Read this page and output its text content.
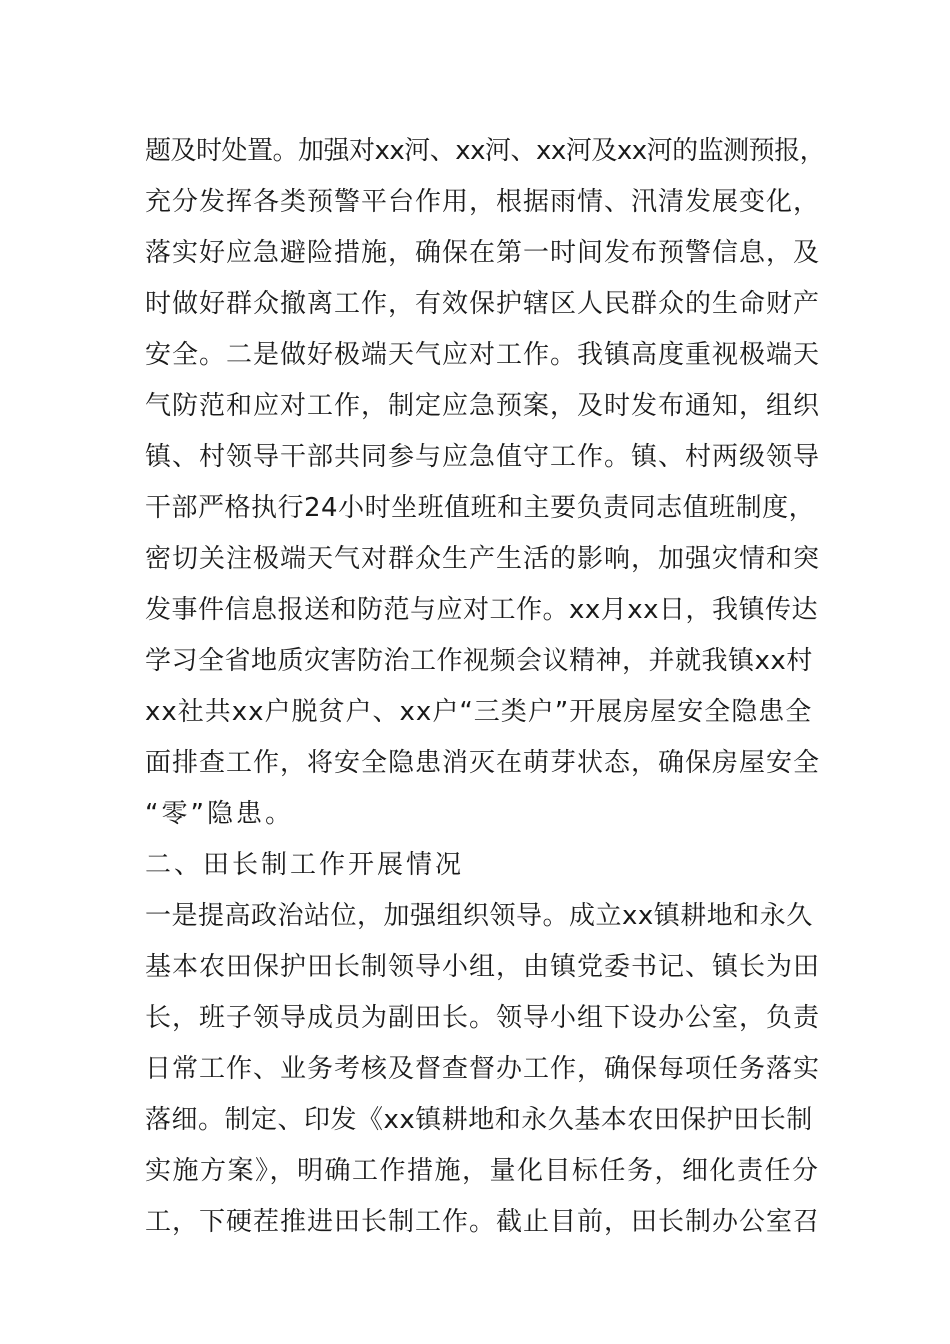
题及时处置。加强对xx河、xx河、xx河及xx河的监测预报，
充分发挥各类预警平台作用，根据雨情、汛清发展变化，
落实好应急避险措施，确保在第一时间发布预警信息，及
时做好群众撤离工作，有效保护辖区人民群众的生命财产
安全。二是做好极端天气应对工作。我镇高度重视极端天
气防范和应对工作，制定应急预案，及时发布通知，组织
镇、村领导干部共同参与应急值守工作。镇、村两级领导
干部严格执行24小时坐班值班和主要负责同志值班制度，
密切关注极端天气对群众生产生活的影响，加强灾情和突
发事件信息报送和防范与应对工作。xx月xx日，我镇传达
学习全省地质灾害防治工作视频会议精神，并就我镇xx村
xx社共xx户脱贫户、xx户“三类户”开展房屋安全隐患全
面排查工作，将安全隐患消灭在萌芽状态，确保房屋安全
“零”隐患。
二、田长制工作开展情况
一是提高政治站位，加强组织领导。成立xx镇耕地和永久
基本农田保护田长制领导小组，由镇党委书记、镇长为田
长，班子领导成员为副田长。领导小组下设办公室，负责
日常工作、业务考核及督查督办工作，确保每项任务落实
落细。制定、印发《xx镇耕地和永久基本农田保护田长制
实施方案》，明确工作措施，量化目标任务，细化责任分
工，下硬茬推进田长制工作。截止目前，田长制办公室召
